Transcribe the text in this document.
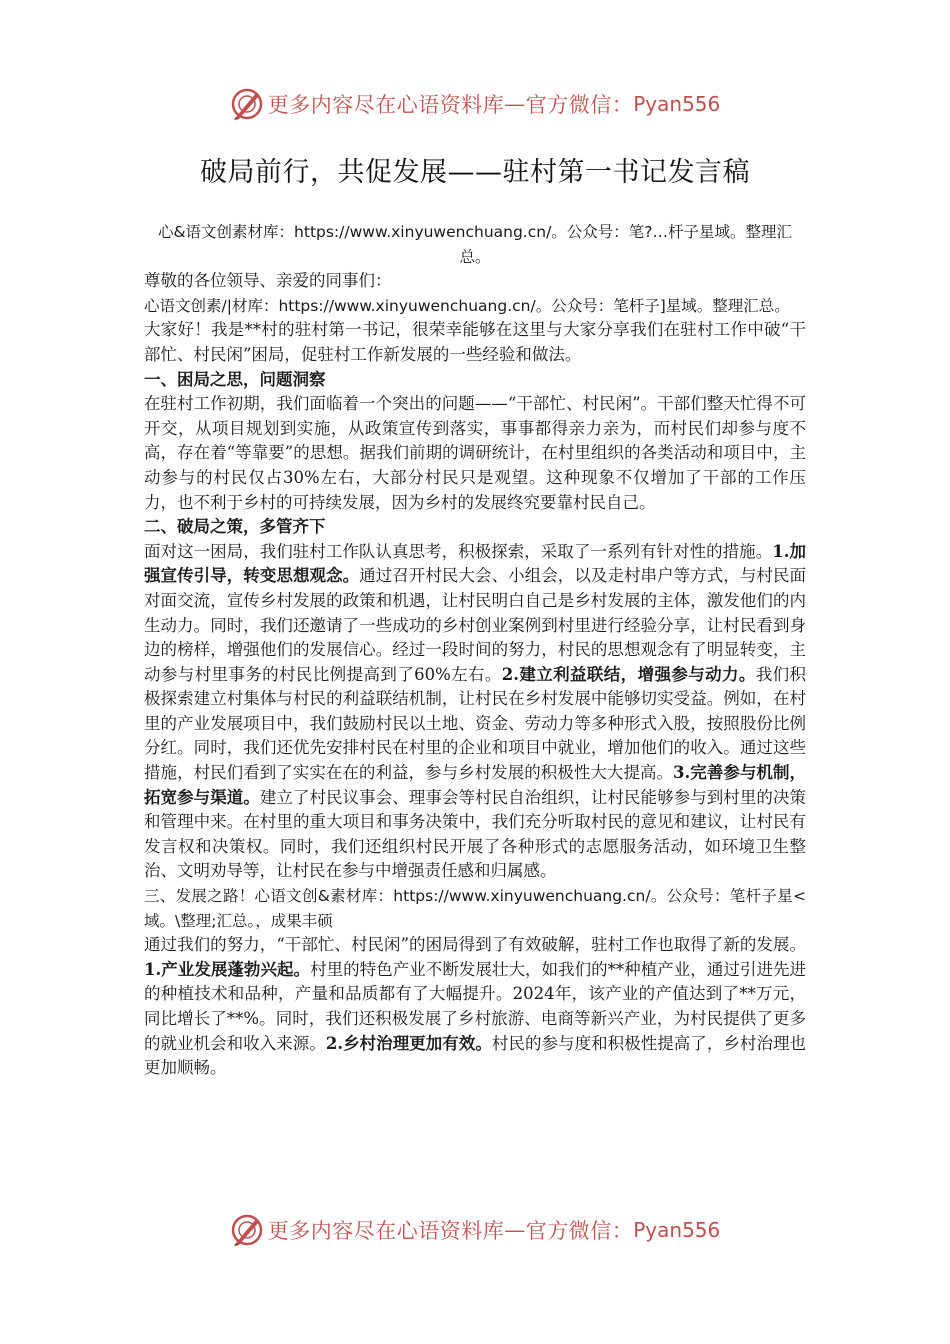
更多内容尽在心语资料库 — 官方微信： Pyan556
破局前行，共促发展——驻村第一书记发言稿

心&语文创素材库：https://www.xinyuwenchuang.cn/。公众号：笔?…杆子星域。整理汇总。

尊敬的各位领导、亲爱的同事们：

心语文创素/|材库：https://www.xinyuwenchuang.cn/。公众号：笔杆子]星域。整理汇总。

大家好！我是**村的驻村第一书记，很荣幸能够在这里与大家分享我们在驻村工作中破“干部忙、村民闲”困局，促驻村工作新发展的一些经验和做法。

一、困局之思，问题洞察

在驻村工作初期，我们面临着一个突出的问题——“干部忙、村民闲”。干部们整天忙得不可开交，从项目规划到实施，从政策宣传到落实，事事都得亲力亲为，而村民们却参与度不高，存在着“等靠要”的思想。据我们前期的调研统计，在村里组织的各类活动和项目中，主动参与的村民仅占30%左右，大部分村民只是观望。这种现象不仅增加了干部的工作压力，也不利于乡村的可持续发展，因为乡村的发展终究要靠村民自己。

二、破局之策，多管齐下

面对这一困局，我们驻村工作队认真思考，积极探索，采取了一系列有针对性的措施。1.加强宣传引导，转变思想观念。通过召开村民大会、小组会，以及走村串户等方式，与村民面对面交流，宣传乡村发展的政策和机遇，让村民明白自己是乡村发展的主体，激发他们的内生动力。同时，我们还邀请了一些成功的乡村创业案例到村里进行经验分享，让村民看到身边的榜样，增强他们的发展信心。经过一段时间的努力，村民的思想观念有了明显转变，主动参与村里事务的村民比例提高到了60%左右。2.建立利益联结，增强参与动力。我们积极探索建立村集体与村民的利益联结机制，让村民在乡村发展中能够切实受益。例如，在村里的产业发展项目中，我们鼓励村民以土地、资金、劳动力等多种形式入股，按照股份比例分红。同时，我们还优先安排村民在村里的企业和项目中就业，增加他们的收入。通过这些措施，村民们看到了实实在在的利益，参与乡村发展的积极性大大提高。3.完善参与机制，拓宽参与渠道。建立了村民议事会、理事会等村民自治组织，让村民能够参与到村里的决策和管理中来。在村里的重大项目和事务决策中，我们充分听取村民的意见和建议，让村民有发言权和决策权。同时，我们还组织村民开展了各种形式的志愿服务活动，如环境卫生整治、文明劝导等，让村民在参与中增强责任感和归属感。

三、发展之路！心语文创&素材库：https://www.xinyuwenchuang.cn/。公众号：笔杆子星<域。\整理;汇总。，成果丰硕

通过我们的努力，“干部忙、村民闲”的困局得到了有效破解，驻村工作也取得了新的发展。1.产业发展蓬勃兴起。村里的特色产业不断发展壮大，如我们的**种植产业，通过引进先进的种植技术和品种，产量和品质都有了大幅提升。2024年，该产业的产值达到了**万元，同比增长了**%。同时，我们还积极发展了乡村旅游、电商等新兴产业，为村民提供了更多的就业机会和收入来源。2.乡村治理更加有效。村民的参与度和积极性提高了，乡村治理也更加顺畅。

更多内容尽在心语资料库 — 官方微信： Pyan556
